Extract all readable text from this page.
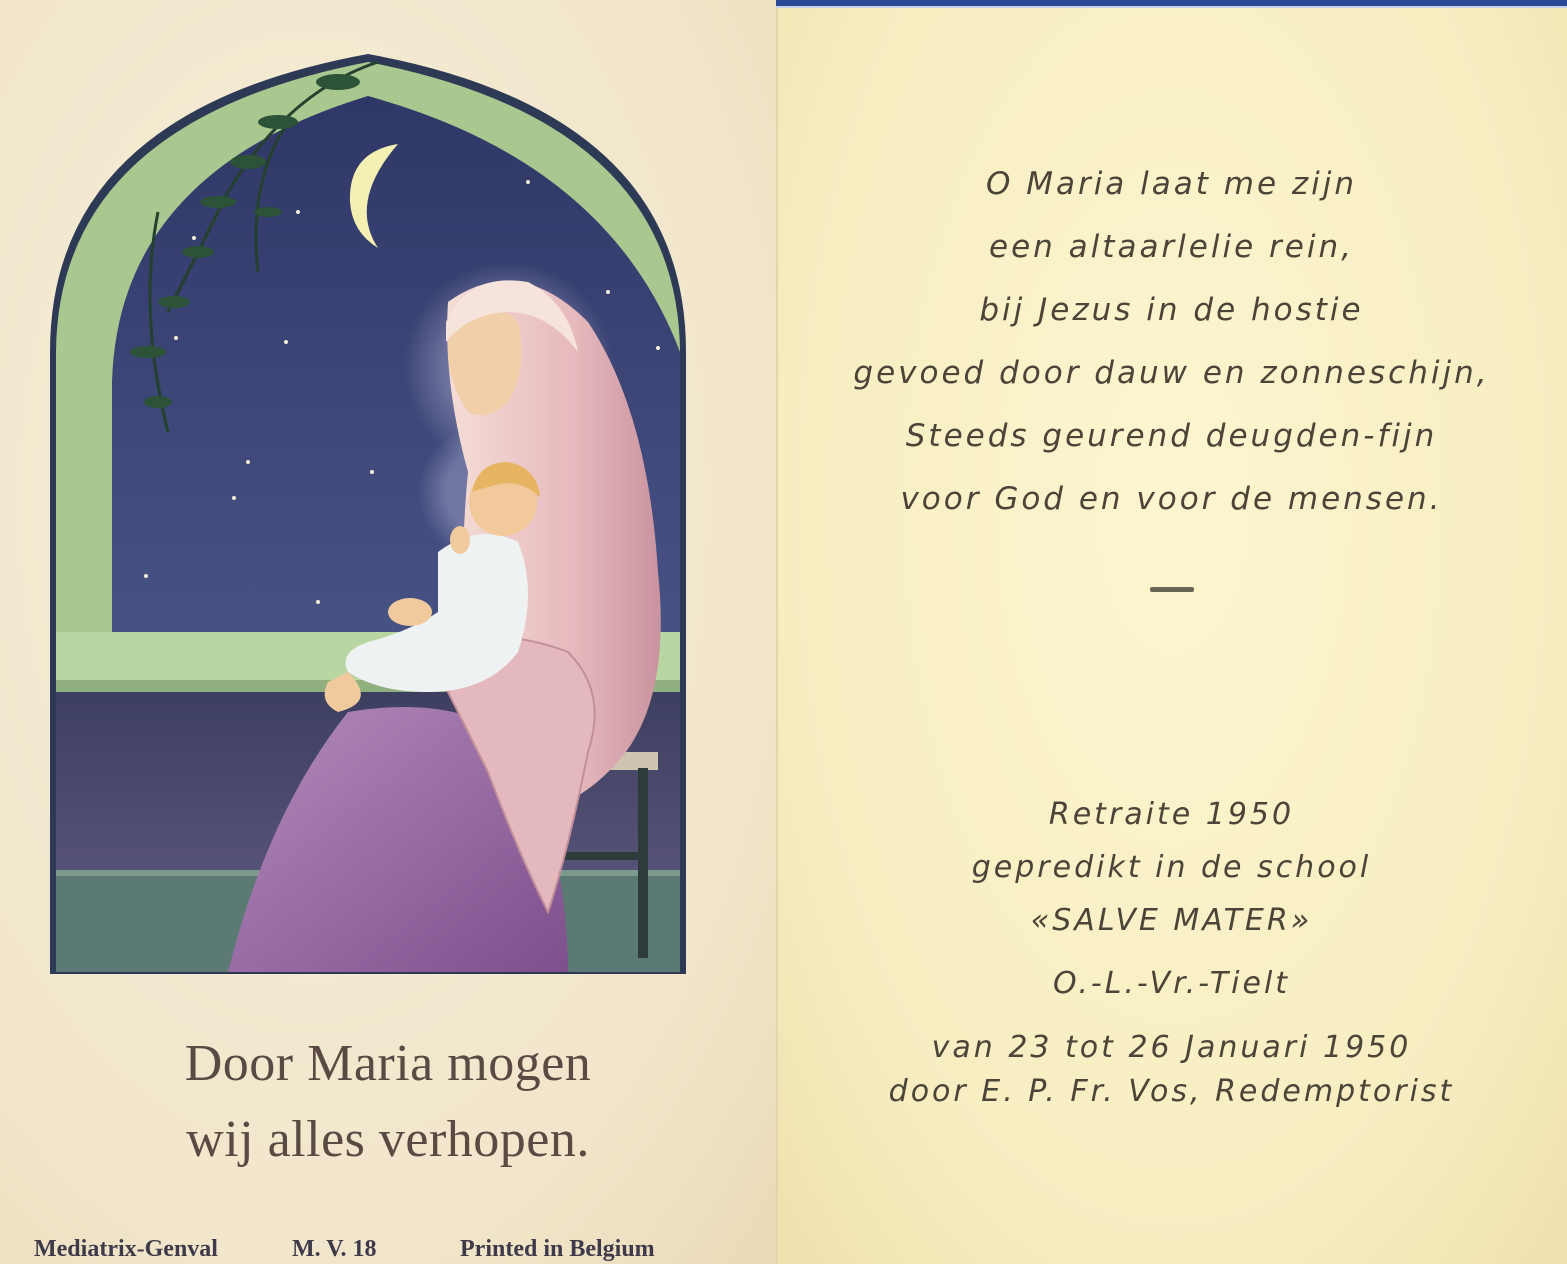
Door Maria mogen
wij alles verhopen.
Mediatrix-Genval	M. V. 18	Printed in Belgium
O Maria laat me zijn
een altaarlelie rein,
bij Jezus in de hostie
gevoed door dauw en zonneschijn,
Steeds geurend deugden-fijn
voor God en voor de mensen.
Retraite 1950
gepredikt in de school
«SALVE MATER»
O.-L.-Vr.-Tielt
van 23 tot 26 Januari 1950
door E. P. Fr. Vos, Redemptorist
